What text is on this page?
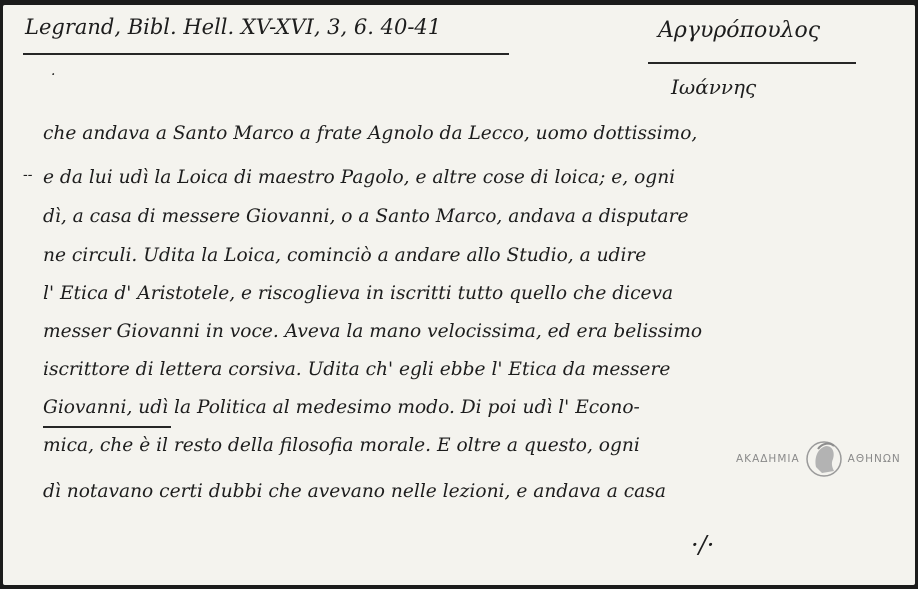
Legrand, Bibl. Hell. XV-XVI, 3, 6. 40-41	Αργυρόπουλος
Ιωάννης
·
--
che andava a Santo Marco a frate Agnolo da Lecco, uomo dottissimo,
e da lui udì la Loica di maestro Pagolo, e altre cose di loica; e, ogni
dì, a casa di messere Giovanni, o a Santo Marco, andava a disputare
ne circuli. Udita la Loica, cominciò a andare allo Studio, a udire
l' Etica d' Aristotele, e riscoglieva in iscritti tutto quello che diceva
messer Giovanni in voce. Aveva la mano velocissima, ed era belissimo
iscrittore di lettera corsiva. Udita ch' egli ebbe l' Etica da messere
Giovanni, udì la Politica al medesimo modo. Di poi udì l' Econo-
mica, che è il resto della filosofia morale. E oltre a questo, ogni
dì notavano certi dubbi che avevano nelle lezioni, e andava a casa
ΑΚΑΔΗΜΙΑ	ΑΘΗΝΩΝ
·/·
